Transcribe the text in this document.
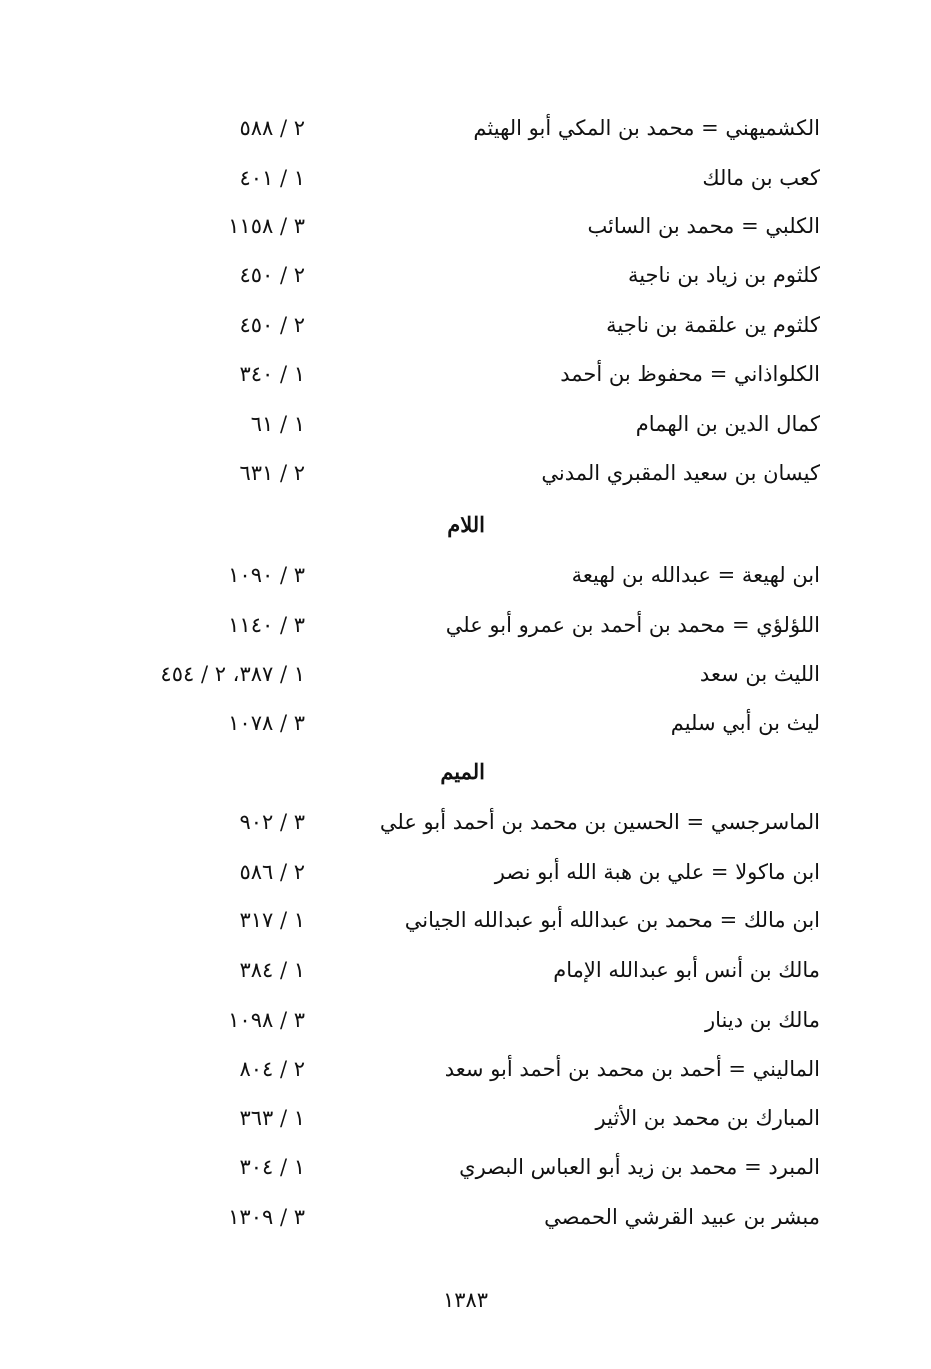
الكشميهني = محمد بن المكي أبو الهيثم
٢ / ٥٨٨
كعب بن مالك
١ / ٤٠١
الكلبي = محمد بن السائب
٣ / ١١٥٨
كلثوم بن زياد بن ناجية
٢ / ٤٥٠
كلثوم ين علقمة بن ناجية
٢ / ٤٥٠
الكلواذاني = محفوظ بن أحمد
١ / ٣٤٠
كمال الدين بن الهمام
١ / ٦١
كيسان بن سعيد المقبري المدني
٢ / ٦٣١
اللام
ابن لهيعة = عبدالله بن لهيعة
٣ / ١٠٩٠
اللؤلؤي = محمد بن أحمد بن عمرو أبو علي
٣ / ١١٤٠
الليث بن سعد
١ / ٣٨٧، ٢ / ٤٥٤
ليث بن أبي سليم
٣ / ١٠٧٨
الميم
الماسرجسي = الحسين بن محمد بن أحمد أبو علي
٣ / ٩٠٢
ابن ماكولا = علي بن هبة الله أبو نصر
٢ / ٥٨٦
ابن مالك = محمد بن عبدالله أبو عبدالله الجياني
١ / ٣١٧
مالك بن أنس أبو عبدالله الإمام
١ / ٣٨٤
مالك بن دينار
٣ / ١٠٩٨
الماليني = أحمد بن محمد بن أحمد أبو سعد
٢ / ٨٠٤
المبارك بن محمد بن الأثير
١ / ٣٦٣
المبرد = محمد بن زيد أبو العباس البصري
١ / ٣٠٤
مبشر بن عبيد القرشي الحمصي
٣ / ١٣٠٩
١٣٨٣
